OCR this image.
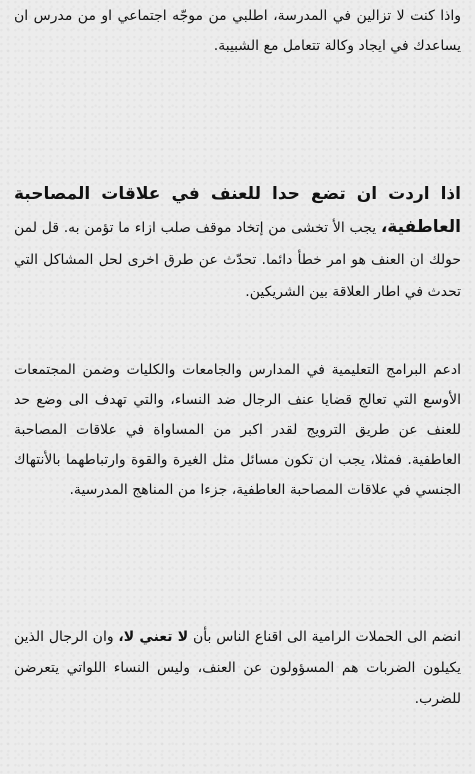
واذا كنت لا تزالين في المدرسة، اطلبي من موجّه اجتماعي او من مدرس ان يساعدك في ايجاد وكالة تتعامل مع الشبيبة.

اذا اردت ان تضع حدا للعنف في علاقات المصاحبة العاطفية، يجب الأ تخشى من إتخاد موقف صلب ازاء ما تؤمن به. قل لمن حولك ان العنف هو امر خطأ دائما. تحدّث عن طرق اخرى لحل المشاكل التي تحدث في اطار العلاقة بين الشريكين.

ادعم البرامج التعليمية في المدارس والجامعات والكليات وضمن المجتمعات الأوسع التي تعالج قضايا عنف الرجال ضد النساء، والتي تهدف الى وضع حد للعنف عن طريق الترويج لقدر اكبر من المساواة في علاقات المصاحبة العاطفية. فمثلا، يجب ان تكون مسائل مثل الغيرة والقوة وارتباطهما بالأنتهاك الجنسي في علاقات المصاحبة العاطفية، جزءا من المناهج المدرسية.

انضم الى الحملات الرامية الى اقناع الناس بأن لا تعني لا، وان الرجال الذين يكيلون الضربات هم المسؤولون عن العنف، وليس النساء اللواتي يتعرضن للضرب.
